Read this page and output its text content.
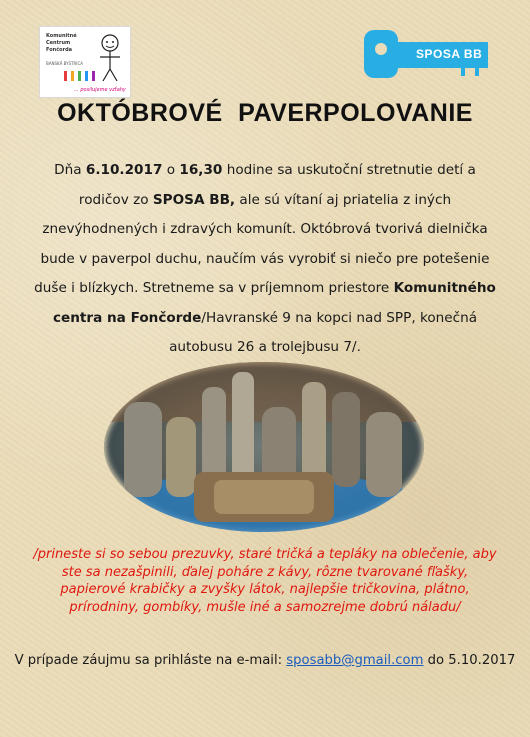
Komunitné
Centrum
Fončorda
BANSKÁ BYSTRICA
... posilujeme vzťahy
SPOSA BB
OKTÓBROVÉ PAVERPOLOVANIE
Dňa 6.10.2017 o 16,30 hodine sa uskutoční stretnutie detí a rodičov zo SPOSA BB, ale sú vítaní aj priatelia z iných znevýhodnených i zdravých komunít. Októbrová tvorivá dielnička bude v paverpol duchu, naučím vás vyrobiť si niečo pre potešenie duše i blízkych. Stretneme sa v príjemnom priestore Komunitného centra na Fončorde/Havranské 9 na kopci nad SPP, konečná autobusu 26 a trolejbusu 7/.
/prineste si so sebou prezuvky, staré tričká a tepláky na oblečenie, aby ste sa nezašpinili, ďalej poháre z kávy, rôzne tvarované fľašky, papierové krabičky a zvyšky látok, najlepšie tričkovina, plátno, prírodniny, gombíky, mušle iné a samozrejme dobrú náladu/
V prípade záujmu sa prihláste na e-mail: sposabb@gmail.com do 5.10.2017
